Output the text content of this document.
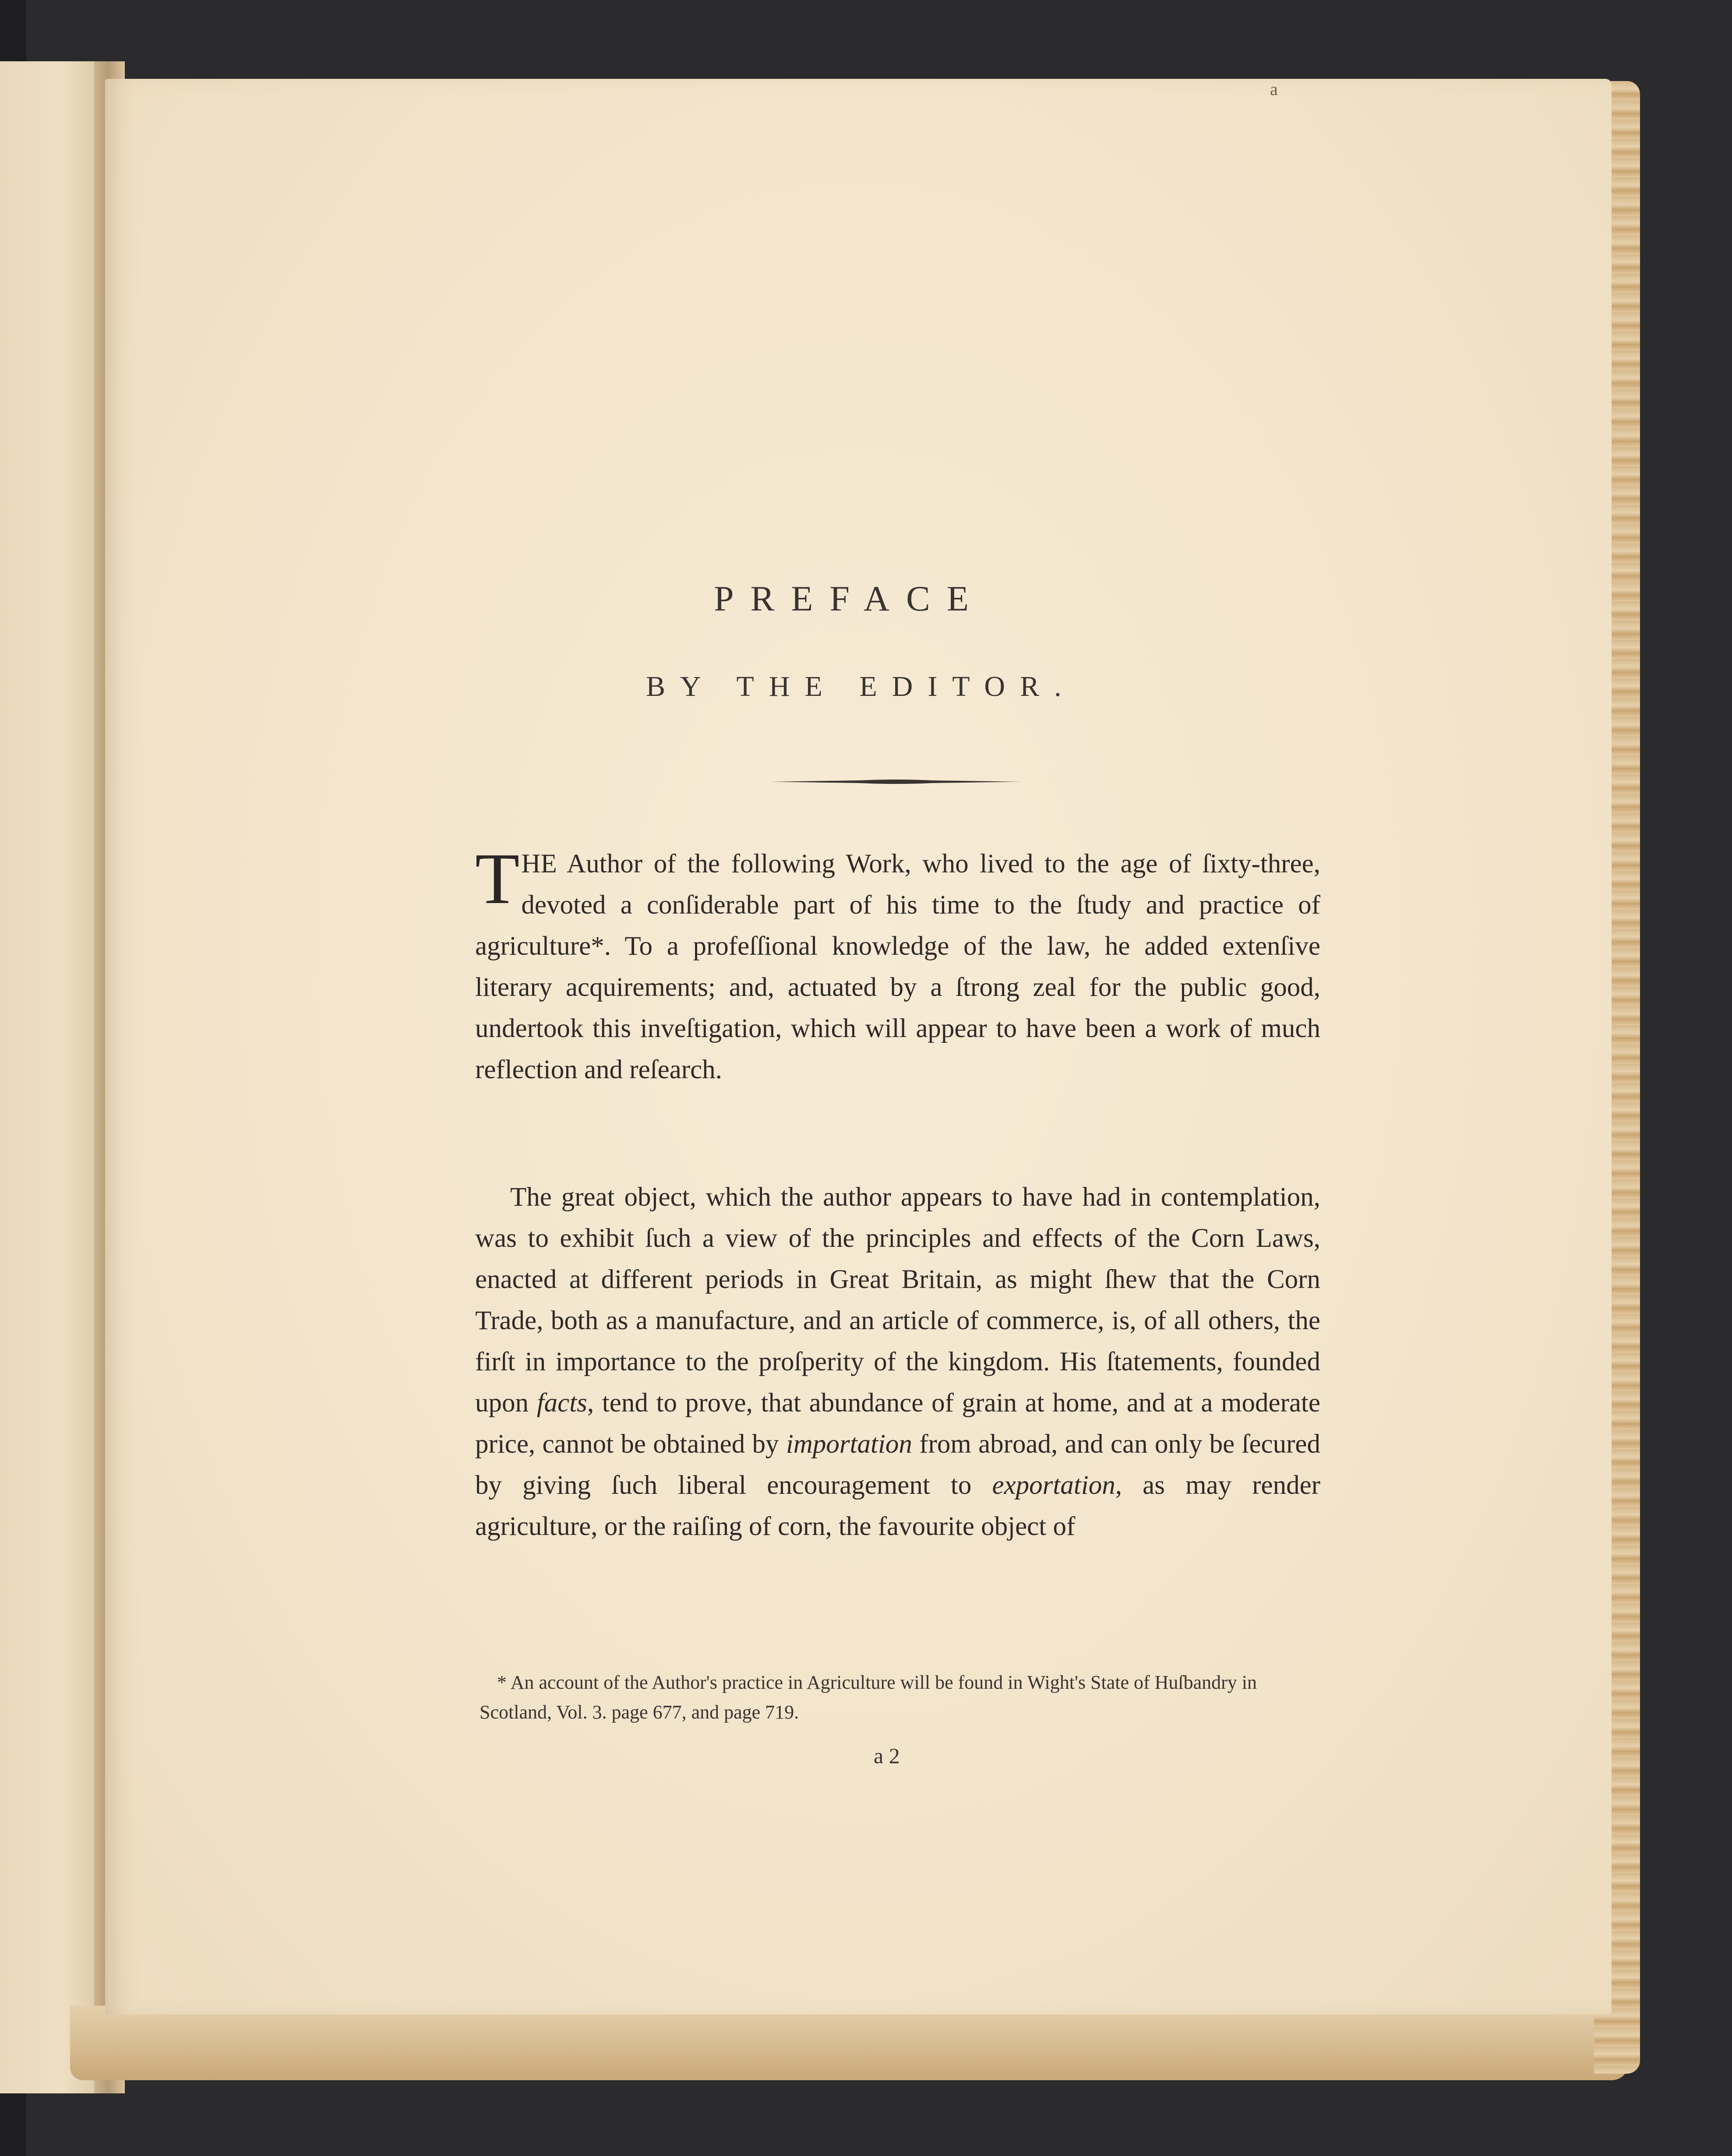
a
PREFACE
BY THE EDITOR.

THE Author of the following Work, who lived to the age of ſixty-three, devoted a conſiderable part of his time to the ſtudy and practice of agriculture*. To a profeſſional knowledge of the law, he added extenſive literary acquirements; and, actuated by a ſtrong zeal for the public good, undertook this inveſtigation, which will appear to have been a work of much reflection and reſearch.

The great object, which the author appears to have had in contemplation, was to exhibit ſuch a view of the principles and effects of the Corn Laws, enacted at different periods in Great Britain, as might ſhew that the Corn Trade, both as a manufacture, and an article of commerce, is, of all others, the firſt in importance to the proſperity of the kingdom. His ſtatements, founded upon facts, tend to prove, that abundance of grain at home, and at a moderate price, cannot be obtained by importation from abroad, and can only be ſecured by giving ſuch liberal encouragement to exportation, as may render agriculture, or the raiſing of corn, the favourite object of

* An account of the Author's practice in Agriculture will be found in Wight's State of Huſbandry in Scotland, Vol. 3. page 677, and page 719.

a 2
